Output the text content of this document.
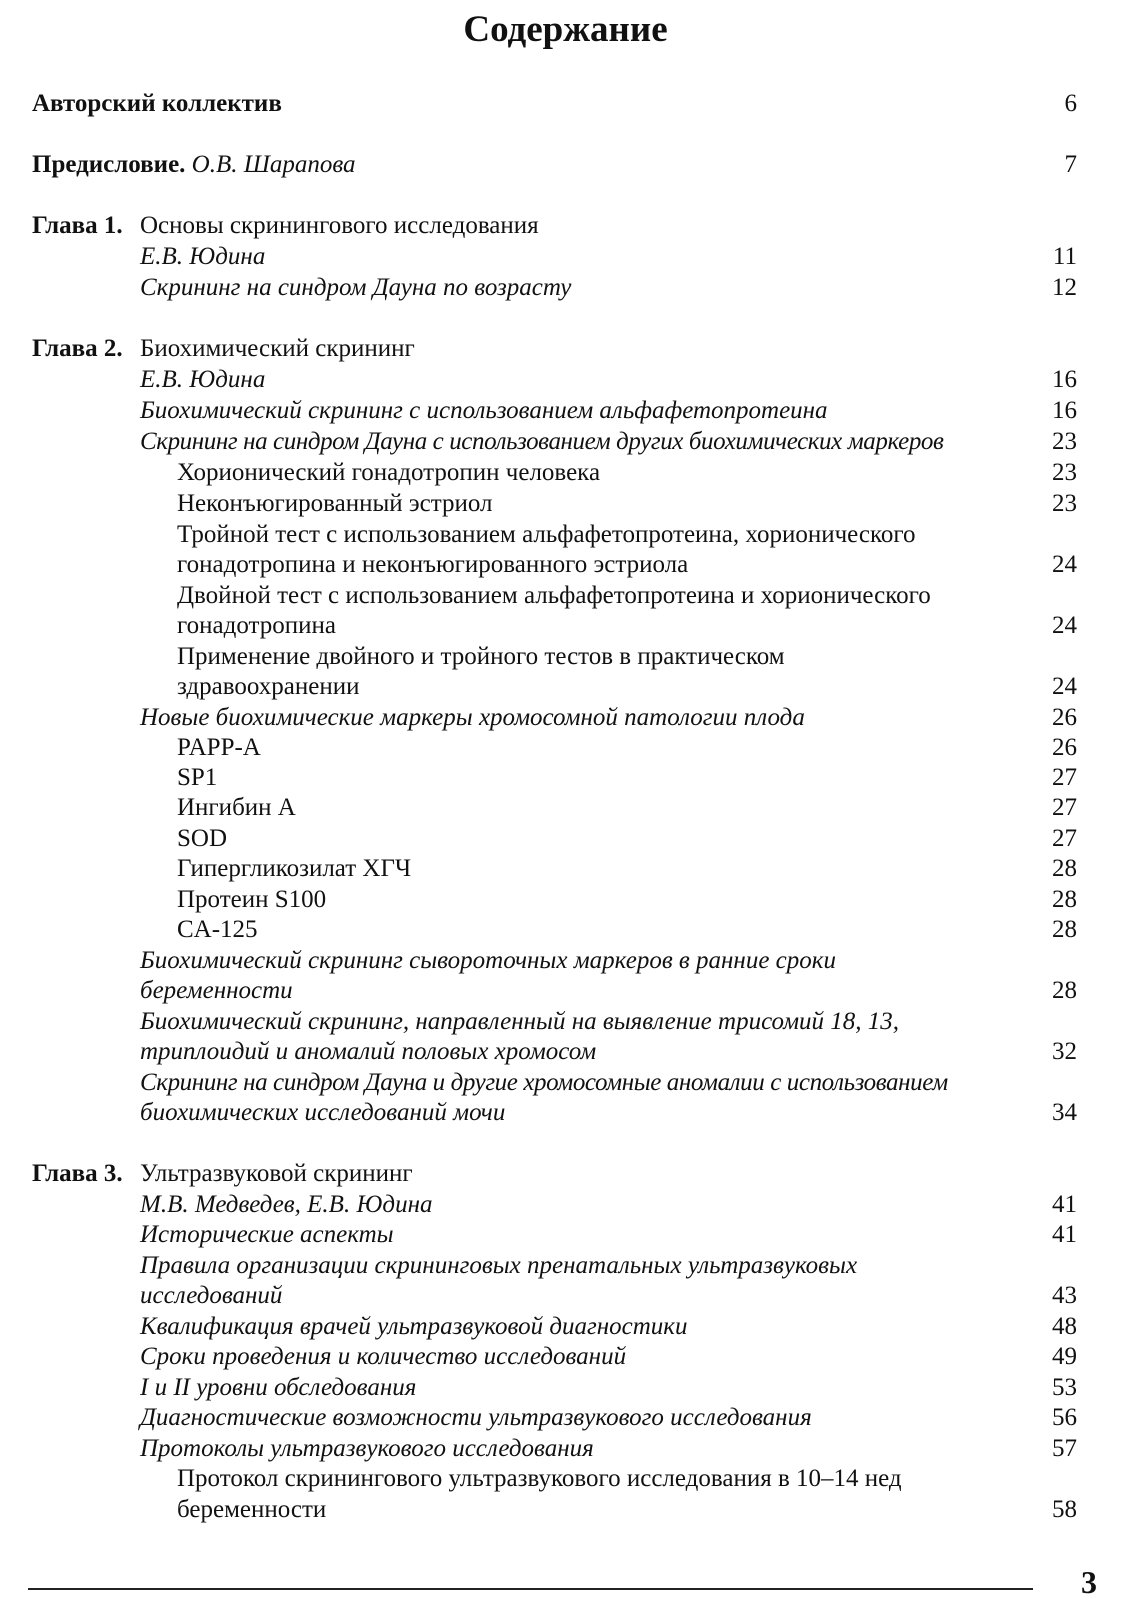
Содержание
Авторский коллектив	6
Предисловие. О.В. Шарапова	7
Глава 1. Основы скринингового исследования
Е.В. Юдина	11
Скрининг на синдром Дауна по возрасту	12
Глава 2. Биохимический скрининг
Е.В. Юдина	16
Биохимический скрининг с использованием альфафетопротеина	16
Скрининг на синдром Дауна с использованием других биохимических маркеров	23
Хорионический гонадотропин человека	23
Неконъюгированный эстриол	23
Тройной тест с использованием альфафетопротеина, хорионического
гонадотропина и неконъюгированного эстриола	24
Двойной тест с использованием альфафетопротеина и хорионического
гонадотропина	24
Применение двойного и тройного тестов в практическом
здравоохранении	24
Новые биохимические маркеры хромосомной патологии плода	26
PAPP-A	26
SP1	27
Ингибин А	27
SOD	27
Гипергликозилат ХГЧ	28
Протеин S100	28
CA-125	28
Биохимический скрининг сывороточных маркеров в ранние сроки
беременности	28
Биохимический скрининг, направленный на выявление трисомий 18, 13,
триплоидий и аномалий половых хромосом	32
Скрининг на синдром Дауна и другие хромосомные аномалии с использованием
биохимических исследований мочи	34
Глава 3. Ультразвуковой скрининг
М.В. Медведев, Е.В. Юдина	41
Исторические аспекты	41
Правила организации скрининговых пренатальных ультразвуковых
исследований	43
Квалификация врачей ультразвуковой диагностики	48
Сроки проведения и количество исследований	49
I и II уровни обследования	53
Диагностические возможности ультразвукового исследования	56
Протоколы ультразвукового исследования	57
Протокол скринингового ультразвукового исследования в 10–14 нед
беременности	58
3
